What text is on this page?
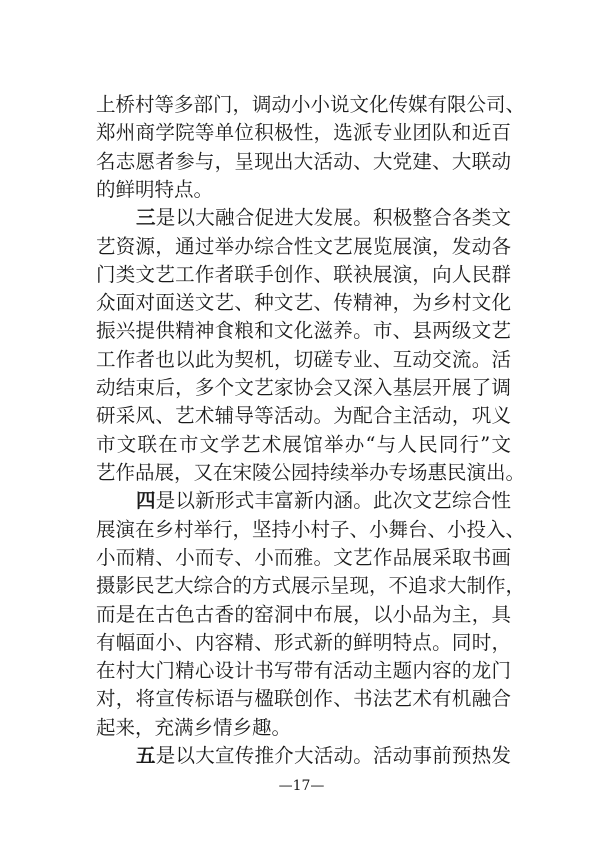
上桥村等多部门，调动小小说文化传媒有限公司、
郑州商学院等单位积极性，选派专业团队和近百
名志愿者参与，呈现出大活动、大党建、大联动
的鲜明特点。
三是以大融合促进大发展。积极整合各类文
艺资源，通过举办综合性文艺展览展演，发动各
门类文艺工作者联手创作、联袂展演，向人民群
众面对面送文艺、种文艺、传精神，为乡村文化
振兴提供精神食粮和文化滋养。市、县两级文艺
工作者也以此为契机，切磋专业、互动交流。活
动结束后，多个文艺家协会又深入基层开展了调
研采风、艺术辅导等活动。为配合主活动，巩义
市文联在市文学艺术展馆举办“与人民同行”文
艺作品展，又在宋陵公园持续举办专场惠民演出。
四是以新形式丰富新内涵。此次文艺综合性
展演在乡村举行，坚持小村子、小舞台、小投入、
小而精、小而专、小而雅。文艺作品展采取书画
摄影民艺大综合的方式展示呈现，不追求大制作，
而是在古色古香的窑洞中布展，以小品为主，具
有幅面小、内容精、形式新的鲜明特点。同时，
在村大门精心设计书写带有活动主题内容的龙门
对，将宣传标语与楹联创作、书法艺术有机融合
起来，充满乡情乡趣。
五是以大宣传推介大活动。活动事前预热发
—17—
